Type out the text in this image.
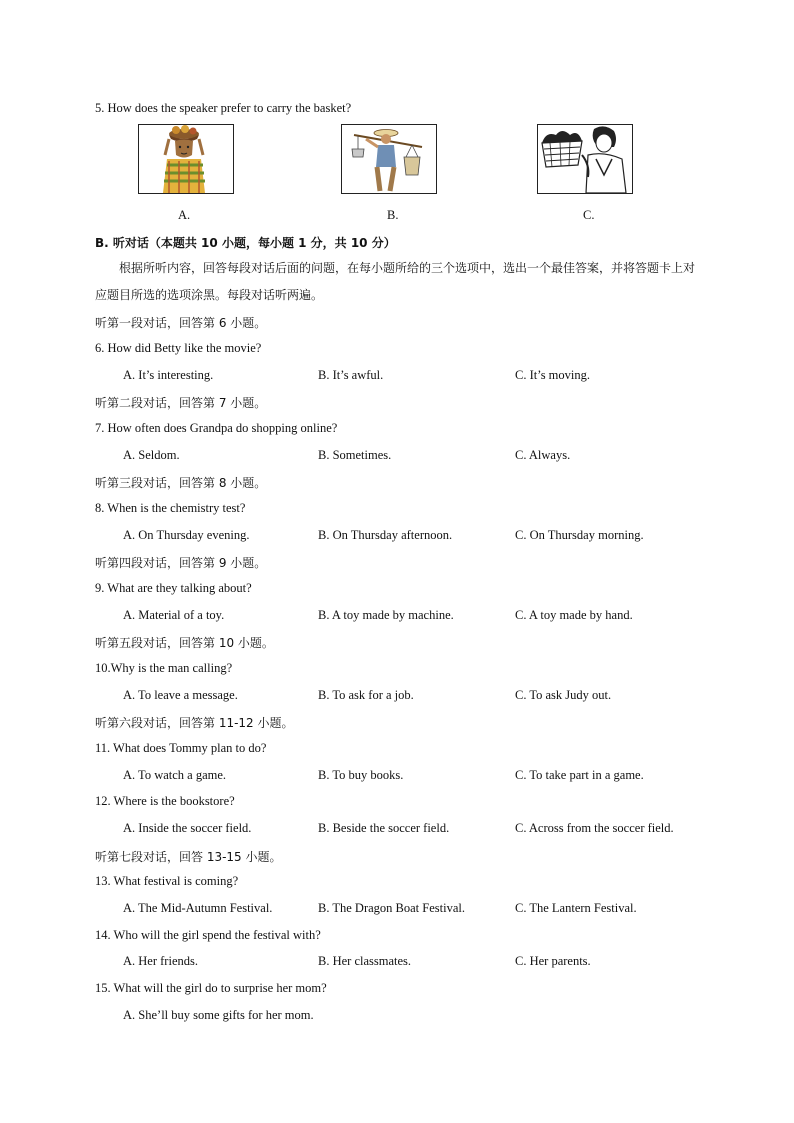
5. How does the speaker prefer to carry the basket?
A.	B.	C.
B. 听对话（本题共 10 小题，每小题 1 分，共 10 分）
根据所听内容，回答每段对话后面的问题，在每小题所给的三个选项中，选出一个最佳答案，并将答题卡上对应题目所选的选项涂黑。每段对话听两遍。
听第一段对话，回答第 6 小题。
6. How did Betty like the movie?
A. It’s interesting.	B. It’s awful.	C. It’s moving.
听第二段对话，回答第 7 小题。
7. How often does Grandpa do shopping online?
A. Seldom.	B. Sometimes.	C. Always.
听第三段对话，回答第 8 小题。
8. When is the chemistry test?
A. On Thursday evening.	B. On Thursday afternoon.	C. On Thursday morning.
听第四段对话，回答第 9 小题。
9. What are they talking about?
A. Material of a toy.	B. A toy made by machine.	C. A toy made by hand.
听第五段对话，回答第 10 小题。
10.Why is the man calling?
A. To leave a message.	B. To ask for a job.	C. To ask Judy out.
听第六段对话，回答第 11-12 小题。
11. What does Tommy plan to do?
A. To watch a game.	B. To buy books.	C. To take part in a game.
12. Where is the bookstore?
A. Inside the soccer field.	B. Beside the soccer field.	C. Across from the soccer field.
听第七段对话，回答 13-15 小题。
13. What festival is coming?
A. The Mid-Autumn Festival.	B. The Dragon Boat Festival.	C. The Lantern Festival.
14. Who will the girl spend the festival with?
A. Her friends.	B. Her classmates.	C. Her parents.
15. What will the girl do to surprise her mom?
A. She’ll buy some gifts for her mom.
